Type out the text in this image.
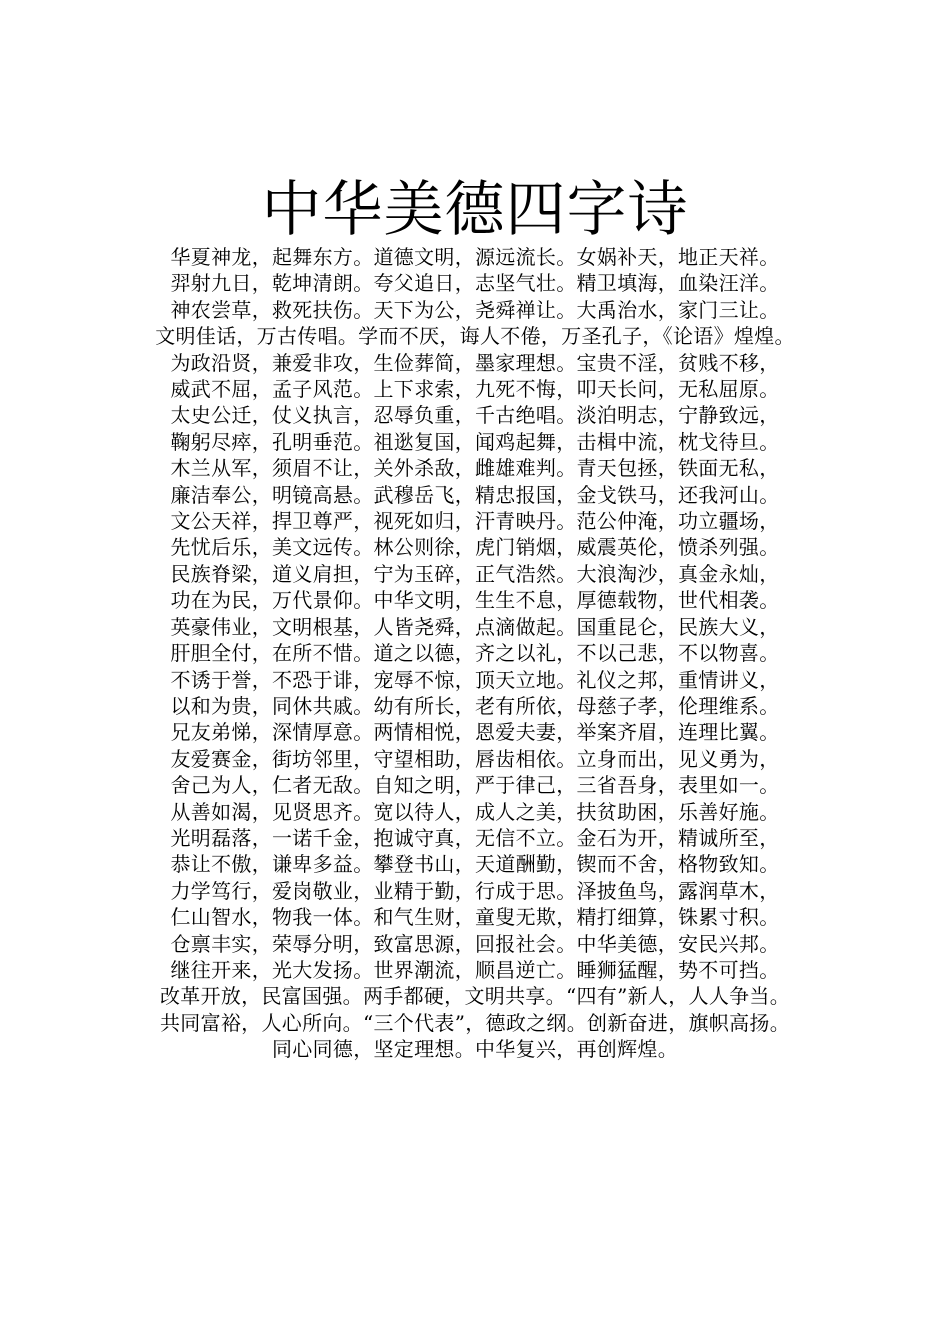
中华美德四字诗
华夏神龙，起舞东方。道德文明，源远流长。女娲补天，地正天祥。
羿射九日，乾坤清朗。夸父追日，志坚气壮。精卫填海，血染汪洋。
神农尝草，救死扶伤。天下为公，尧舜禅让。大禹治水，家门三让。
文明佳话，万古传唱。学而不厌，诲人不倦，万圣孔子，《论语》煌煌。
为政沿贤，兼爱非攻，生俭葬简，墨家理想。宝贵不淫，贫贱不移，
威武不屈，孟子风范。上下求索，九死不悔，叩天长问，无私屈原。
太史公迁，仗义执言，忍辱负重，千古绝唱。淡泊明志，宁静致远，
鞠躬尽瘁，孔明垂范。祖逖复国，闻鸡起舞，击楫中流，枕戈待旦。
木兰从军，须眉不让，关外杀敌，雌雄难判。青天包拯，铁面无私，
廉洁奉公，明镜高悬。武穆岳飞，精忠报国，金戈铁马，还我河山。
文公天祥，捍卫尊严，视死如归，汗青映丹。范公仲淹，功立疆场，
先忧后乐，美文远传。林公则徐，虎门销烟，威震英伦，愤杀列强。
民族脊梁，道义肩担，宁为玉碎，正气浩然。大浪淘沙，真金永灿，
功在为民，万代景仰。中华文明，生生不息，厚德载物，世代相袭。
英豪伟业，文明根基，人皆尧舜，点滴做起。国重昆仑，民族大义，
肝胆全付，在所不惜。道之以德，齐之以礼，不以己悲，不以物喜。
不诱于誉，不恐于诽，宠辱不惊，顶天立地。礼仪之邦，重情讲义，
以和为贵，同休共戚。幼有所长，老有所依，母慈子孝，伦理维系。
兄友弟悌，深情厚意。两情相悦，恩爱夫妻，举案齐眉，连理比翼。
友爱赛金，街坊邻里，守望相助，唇齿相依。立身而出，见义勇为，
舍己为人，仁者无敌。自知之明，严于律己，三省吾身，表里如一。
从善如渴，见贤思齐。宽以待人，成人之美，扶贫助困，乐善好施。
光明磊落，一诺千金，抱诚守真，无信不立。金石为开，精诚所至，
恭让不傲，谦卑多益。攀登书山，天道酬勤，锲而不舍，格物致知。
力学笃行，爱岗敬业，业精于勤，行成于思。泽披鱼鸟，露润草木，
仁山智水，物我一体。和气生财，童叟无欺，精打细算，铢累寸积。
仓禀丰实，荣辱分明，致富思源，回报社会。中华美德，安民兴邦。
继往开来，光大发扬。世界潮流，顺昌逆亡。睡狮猛醒，势不可挡。
改革开放，民富国强。两手都硬，文明共享。“四有”新人，人人争当。
共同富裕，人心所向。“三个代表”，德政之纲。创新奋进，旗帜高扬。
同心同德，坚定理想。中华复兴，再创辉煌。
